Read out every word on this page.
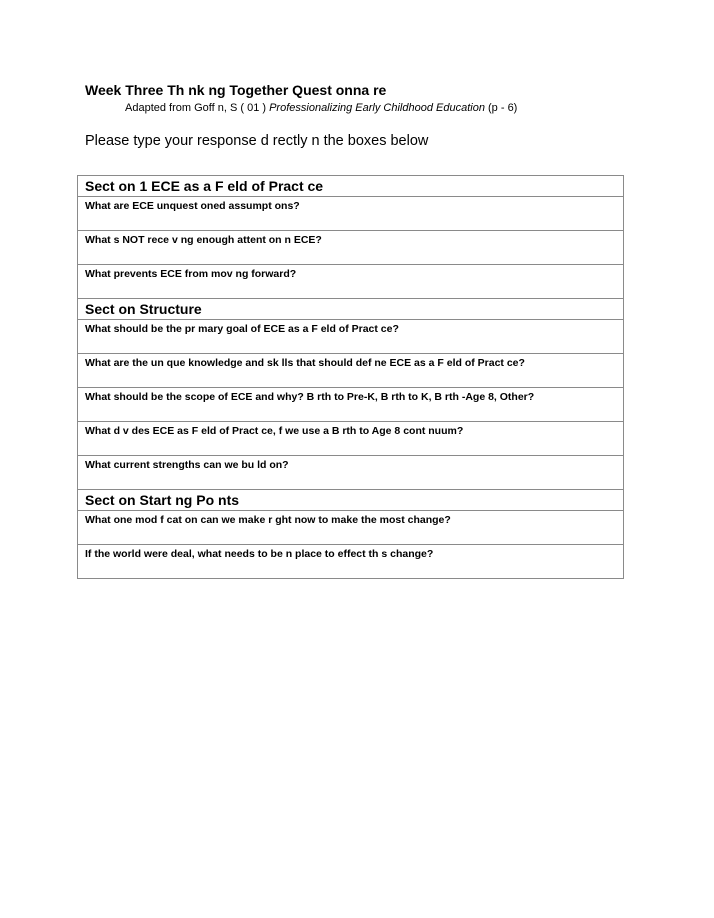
Week Three Th nk ng Together Quest onna re
Adapted from Goff n, S ( 01 ) Professionalizing Early Childhood Education (p - 6)
Please type your response d rectly n the boxes below
Sect on 1 ECE as a F eld of Pract ce
What are ECE unquest oned assumpt ons?
What s NOT rece v ng enough attent on n ECE?
What prevents ECE from mov ng forward?
Sect on Structure
What should be the pr mary goal of ECE as a F eld of Pract ce?
What are the un que knowledge and sk lls that should def ne ECE as a F eld of Pract ce?
What should be the scope of ECE and why? B rth to Pre-K, B rth to K, B rth -Age 8, Other?
What d v des ECE as F eld of Pract ce, f we use a B rth to Age 8 cont nuum?
What current strengths can we bu ld on?
Sect on Start ng Po nts
What one mod f cat on can we make r ght now to make the most change?
If the world were deal, what needs to be n place to effect th s change?
